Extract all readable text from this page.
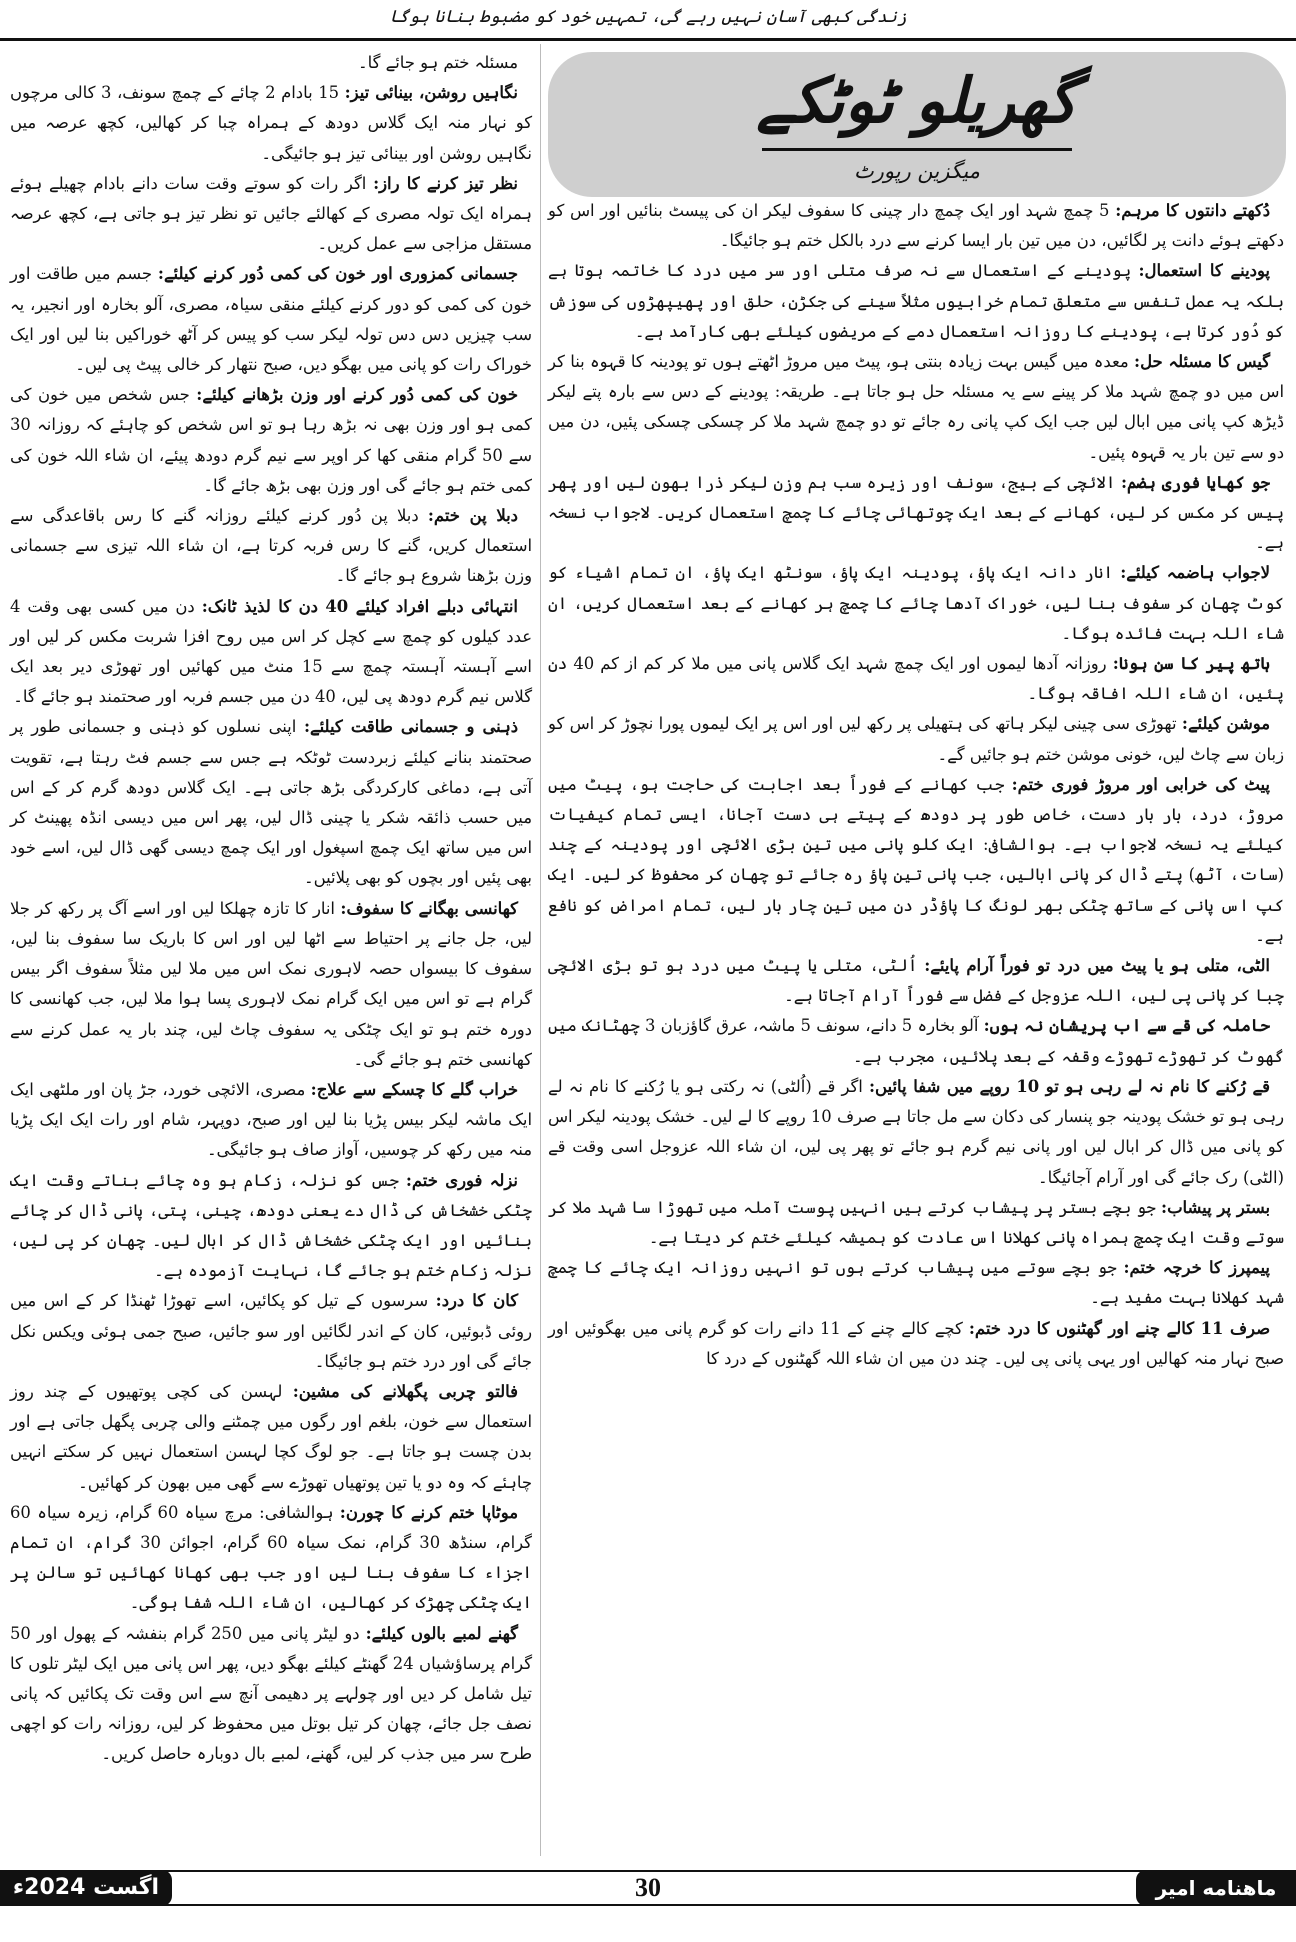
زندگی کبھی آسان نہیں رہے گی، تمہیں خود کو مضبوط بنانا ہوگا
گھریلو ٹوٹکے
میگزین رپورٹ

دُکھتے دانتوں کا مرہم: 5 چمچ شہد اور ایک چمچ دار چینی کا سفوف لیکر ان کی پیسٹ بنائیں اور اس کو دکھتے ہوئے دانت پر لگائیں، دن میں تین بار ایسا کرنے سے درد بالکل ختم ہو جائیگا۔

پودینے کا استعمال: پودینے کے استعمال سے نہ صرف متلی اور سر میں درد کا خاتمہ ہوتا ہے بلکہ یہ عمل تنفس سے متعلق تمام خرابیوں مثلاً سینے کی جکڑن، حلق اور پھیپھڑوں کی سوزش کو دُور کرتا ہے، پودینے کا روزانہ استعمال دمے کے مریضوں کیلئے بھی کارآمد ہے۔

گیس کا مسئلہ حل: معدہ میں گیس بہت زیادہ بنتی ہو، پیٹ میں مروڑ اٹھتے ہوں تو پودینہ کا قہوہ بنا کر اس میں دو چمچ شہد ملا کر پینے سے یہ مسئلہ حل ہو جاتا ہے۔ طریقہ: پودینے کے دس سے بارہ پتے لیکر ڈیڑھ کپ پانی میں ابال لیں جب ایک کپ پانی رہ جائے تو دو چمچ شہد ملا کر چسکی چسکی پئیں، دن میں دو سے تین بار یہ قہوہ پئیں۔

جو کھایا فوری ہضم: الائچی کے بیج، سونف اور زیرہ سب ہم وزن لیکر ذرا بھون لیں اور پھر پیس کر مکس کر لیں، کھانے کے بعد ایک چوتھائی چائے کا چمچ استعمال کریں۔ لاجواب نسخہ ہے۔

لاجواب ہاضمہ کیلئے: انار دانہ ایک پاؤ، پودینہ ایک پاؤ، سونٹھ ایک پاؤ، ان تمام اشیاء کو کوٹ چھان کر سفوف بنا لیں، خوراک آدھا چائے کا چمچ ہر کھانے کے بعد استعمال کریں، ان شاء اللہ بہت فائدہ ہوگا۔

ہاتھ پیر کا سن ہونا: روزانہ آدھا لیموں اور ایک چمچ شہد ایک گلاس پانی میں ملا کر کم از کم 40 دن پئیں، ان شاء اللہ افاقہ ہوگا۔

موشن کیلئے: تھوڑی سی چینی لیکر ہاتھ کی ہتھیلی پر رکھ لیں اور اس پر ایک لیموں پورا نچوڑ کر اس کو زبان سے چاٹ لیں، خونی موشن ختم ہو جائیں گے۔

پیٹ کی خرابی اور مروڑ فوری ختم: جب کھانے کے فوراً بعد اجابت کی حاجت ہو، پیٹ میں مروڑ، درد، بار بار دست، خاص طور پر دودھ کے پیتے ہی دست آجانا، ایسی تمام کیفیات کیلئے یہ نسخہ لاجواب ہے۔ ہوالشافی: ایک کلو پانی میں تین بڑی الائچی اور پودینہ کے چند (سات، آٹھ) پتے ڈال کر پانی ابالیں، جب پانی تین پاؤ رہ جائے تو چھان کر محفوظ کر لیں۔ ایک کپ اس پانی کے ساتھ چٹکی بھر لونگ کا پاؤڈر دن میں تین چار بار لیں، تمام امراض کو نافع ہے۔

الٹی، متلی ہو یا پیٹ میں درد تو فوراً آرام پایئے: اُلٹی، متلی یا پیٹ میں درد ہو تو بڑی الائچی چبا کر پانی پی لیں، اللہ عزوجل کے فضل سے فوراً آرام آجاتا ہے۔

حاملہ کی قے سے اب پریشان نہ ہوں: آلو بخارہ 5 دانے، سونف 5 ماشہ، عرق گاؤزبان 3 چھٹانک میں گھوٹ کر تھوڑے تھوڑے وقفہ کے بعد پلائیں، مجرب ہے۔

قے رُکنے کا نام نہ لے رہی ہو تو 10 روپے میں شفا پائیں: اگر قے (اُلٹی) نہ رکتی ہو یا رُکنے کا نام نہ لے رہی ہو تو خشک پودینہ جو پنسار کی دکان سے مل جاتا ہے صرف 10 روپے کا لے لیں۔ خشک پودینہ لیکر اس کو پانی میں ڈال کر ابال لیں اور پانی نیم گرم ہو جائے تو پھر پی لیں، ان شاء اللہ عزوجل اسی وقت قے (الٹی) رک جائے گی اور آرام آجائیگا۔

بستر پر پیشاب: جو بچے بستر پر پیشاب کرتے ہیں انہیں پوست آملہ میں تھوڑا سا شہد ملا کر سوتے وقت ایک چمچ ہمراہ پانی کھلانا اس عادت کو ہمیشہ کیلئے ختم کر دیتا ہے۔

پیمپرز کا خرچہ ختم: جو بچے سوتے میں پیشاب کرتے ہوں تو انہیں روزانہ ایک چائے کا چمچ شہد کھلانا بہت مفید ہے۔

صرف 11 کالے چنے اور گھٹنوں کا درد ختم: کچے کالے چنے کے 11 دانے رات کو گرم پانی میں بھگوئیں اور صبح نہار منہ کھالیں اور یہی پانی پی لیں۔ چند دن میں ان شاء اللہ گھٹنوں کے درد کا

مسئلہ ختم ہو جائے گا۔

نگاہیں روشن، بینائی تیز: 15 بادام 2 چائے کے چمچ سونف، 3 کالی مرچوں کو نہار منہ ایک گلاس دودھ کے ہمراہ چبا کر کھالیں، کچھ عرصہ میں نگاہیں روشن اور بینائی تیز ہو جائیگی۔

نظر تیز کرنے کا راز: اگر رات کو سوتے وقت سات دانے بادام چھیلے ہوئے ہمراہ ایک تولہ مصری کے کھالئے جائیں تو نظر تیز ہو جاتی ہے، کچھ عرصہ مستقل مزاجی سے عمل کریں۔

جسمانی کمزوری اور خون کی کمی دُور کرنے کیلئے: جسم میں طاقت اور خون کی کمی کو دور کرنے کیلئے منقی سیاہ، مصری، آلو بخارہ اور انجیر، یہ سب چیزیں دس دس تولہ لیکر سب کو پیس کر آٹھ خوراکیں بنا لیں اور ایک خوراک رات کو پانی میں بھگو دیں، صبح نتھار کر خالی پیٹ پی لیں۔

خون کی کمی دُور کرنے اور وزن بڑھانے کیلئے: جس شخص میں خون کی کمی ہو اور وزن بھی نہ بڑھ رہا ہو تو اس شخص کو چاہئے کہ روزانہ 30 سے 50 گرام منقی کھا کر اوپر سے نیم گرم دودھ پیئے، ان شاء اللہ خون کی کمی ختم ہو جائے گی اور وزن بھی بڑھ جائے گا۔

دبلا پن ختم: دبلا پن دُور کرنے کیلئے روزانہ گنے کا رس باقاعدگی سے استعمال کریں، گنے کا رس فربہ کرتا ہے، ان شاء اللہ تیزی سے جسمانی وزن بڑھنا شروع ہو جائے گا۔

انتہائی دبلے افراد کیلئے 40 دن کا لذیذ ٹانک: دن میں کسی بھی وقت 4 عدد کیلوں کو چمچ سے کچل کر اس میں روح افزا شربت مکس کر لیں اور اسے آہستہ آہستہ چمچ سے 15 منٹ میں کھائیں اور تھوڑی دیر بعد ایک گلاس نیم گرم دودھ پی لیں، 40 دن میں جسم فربہ اور صحتمند ہو جائے گا۔

ذہنی و جسمانی طاقت کیلئے: اپنی نسلوں کو ذہنی و جسمانی طور پر صحتمند بنانے کیلئے زبردست ٹوٹکہ ہے جس سے جسم فٹ رہتا ہے، تقویت آتی ہے، دماغی کارکردگی بڑھ جاتی ہے۔ ایک گلاس دودھ گرم کر کے اس میں حسب ذائقہ شکر یا چینی ڈال لیں، پھر اس میں دیسی انڈہ پھینٹ کر اس میں ساتھ ایک چمچ اسپغول اور ایک چمچ دیسی گھی ڈال لیں، اسے خود بھی پئیں اور بچوں کو بھی پلائیں۔

کھانسی بھگانے کا سفوف: انار کا تازہ چھلکا لیں اور اسے آگ پر رکھ کر جلا لیں، جل جانے پر احتیاط سے اٹھا لیں اور اس کا باریک سا سفوف بنا لیں، سفوف کا بیسواں حصہ لاہوری نمک اس میں ملا لیں مثلاً سفوف اگر بیس گرام ہے تو اس میں ایک گرام نمک لاہوری پسا ہوا ملا لیں، جب کھانسی کا دورہ ختم ہو تو ایک چٹکی یہ سفوف چاٹ لیں، چند بار یہ عمل کرنے سے کھانسی ختم ہو جائے گی۔

خراب گلے کا چسکے سے علاج: مصری، الائچی خورد، جڑ پان اور ملٹھی ایک ایک ماشہ لیکر بیس پڑیا بنا لیں اور صبح، دوپہر، شام اور رات ایک ایک پڑیا منہ میں رکھ کر چوسیں، آواز صاف ہو جائیگی۔

نزلہ فوری ختم: جس کو نزلہ، زکام ہو وہ چائے بناتے وقت ایک چٹکی خشخاش کی ڈال دے یعنی دودھ، چینی، پتی، پانی ڈال کر چائے بنائیں اور ایک چٹکی خشخاش ڈال کر ابال لیں۔ چھان کر پی لیں، نزلہ زکام ختم ہو جائے گا، نہایت آزمودہ ہے۔

کان کا درد: سرسوں کے تیل کو پکائیں، اسے تھوڑا ٹھنڈا کر کے اس میں روئی ڈبوئیں، کان کے اندر لگائیں اور سو جائیں، صبح جمی ہوئی ویکس نکل جائے گی اور درد ختم ہو جائیگا۔

فالتو چربی پگھلانے کی مشین: لہسن کی کچی پوتھیوں کے چند روز استعمال سے خون، بلغم اور رگوں میں چمٹنے والی چربی پگھل جاتی ہے اور بدن چست ہو جاتا ہے۔ جو لوگ کچا لہسن استعمال نہیں کر سکتے انہیں چاہئے کہ وہ دو یا تین پوتھیاں تھوڑے سے گھی میں بھون کر کھائیں۔

موٹاپا ختم کرنے کا چورن: ہوالشافی: مرچ سیاہ 60 گرام، زیرہ سیاہ 60 گرام، سنڈھ 30 گرام، نمک سیاہ 60 گرام، اجوائن 30 گرام، ان تمام اجزاء کا سفوف بنا لیں اور جب بھی کھانا کھائیں تو سالن پر ایک چٹکی چھڑک کر کھالیں، ان شاء اللہ شفا ہوگی۔

گھنے لمبے بالوں کیلئے: دو لیٹر پانی میں 250 گرام بنفشہ کے پھول اور 50 گرام پرساؤشیاں 24 گھنٹے کیلئے بھگو دیں، پھر اس پانی میں ایک لیٹر تلوں کا تیل شامل کر دیں اور چولہے پر دھیمی آنچ سے اس وقت تک پکائیں کہ پانی نصف جل جائے، چھان کر تیل بوتل میں محفوظ کر لیں، روزانہ رات کو اچھی طرح سر میں جذب کر لیں، گھنے، لمبے بال دوبارہ حاصل کریں۔

30
اگست 2024ء	ماهنامه امیر ملت
